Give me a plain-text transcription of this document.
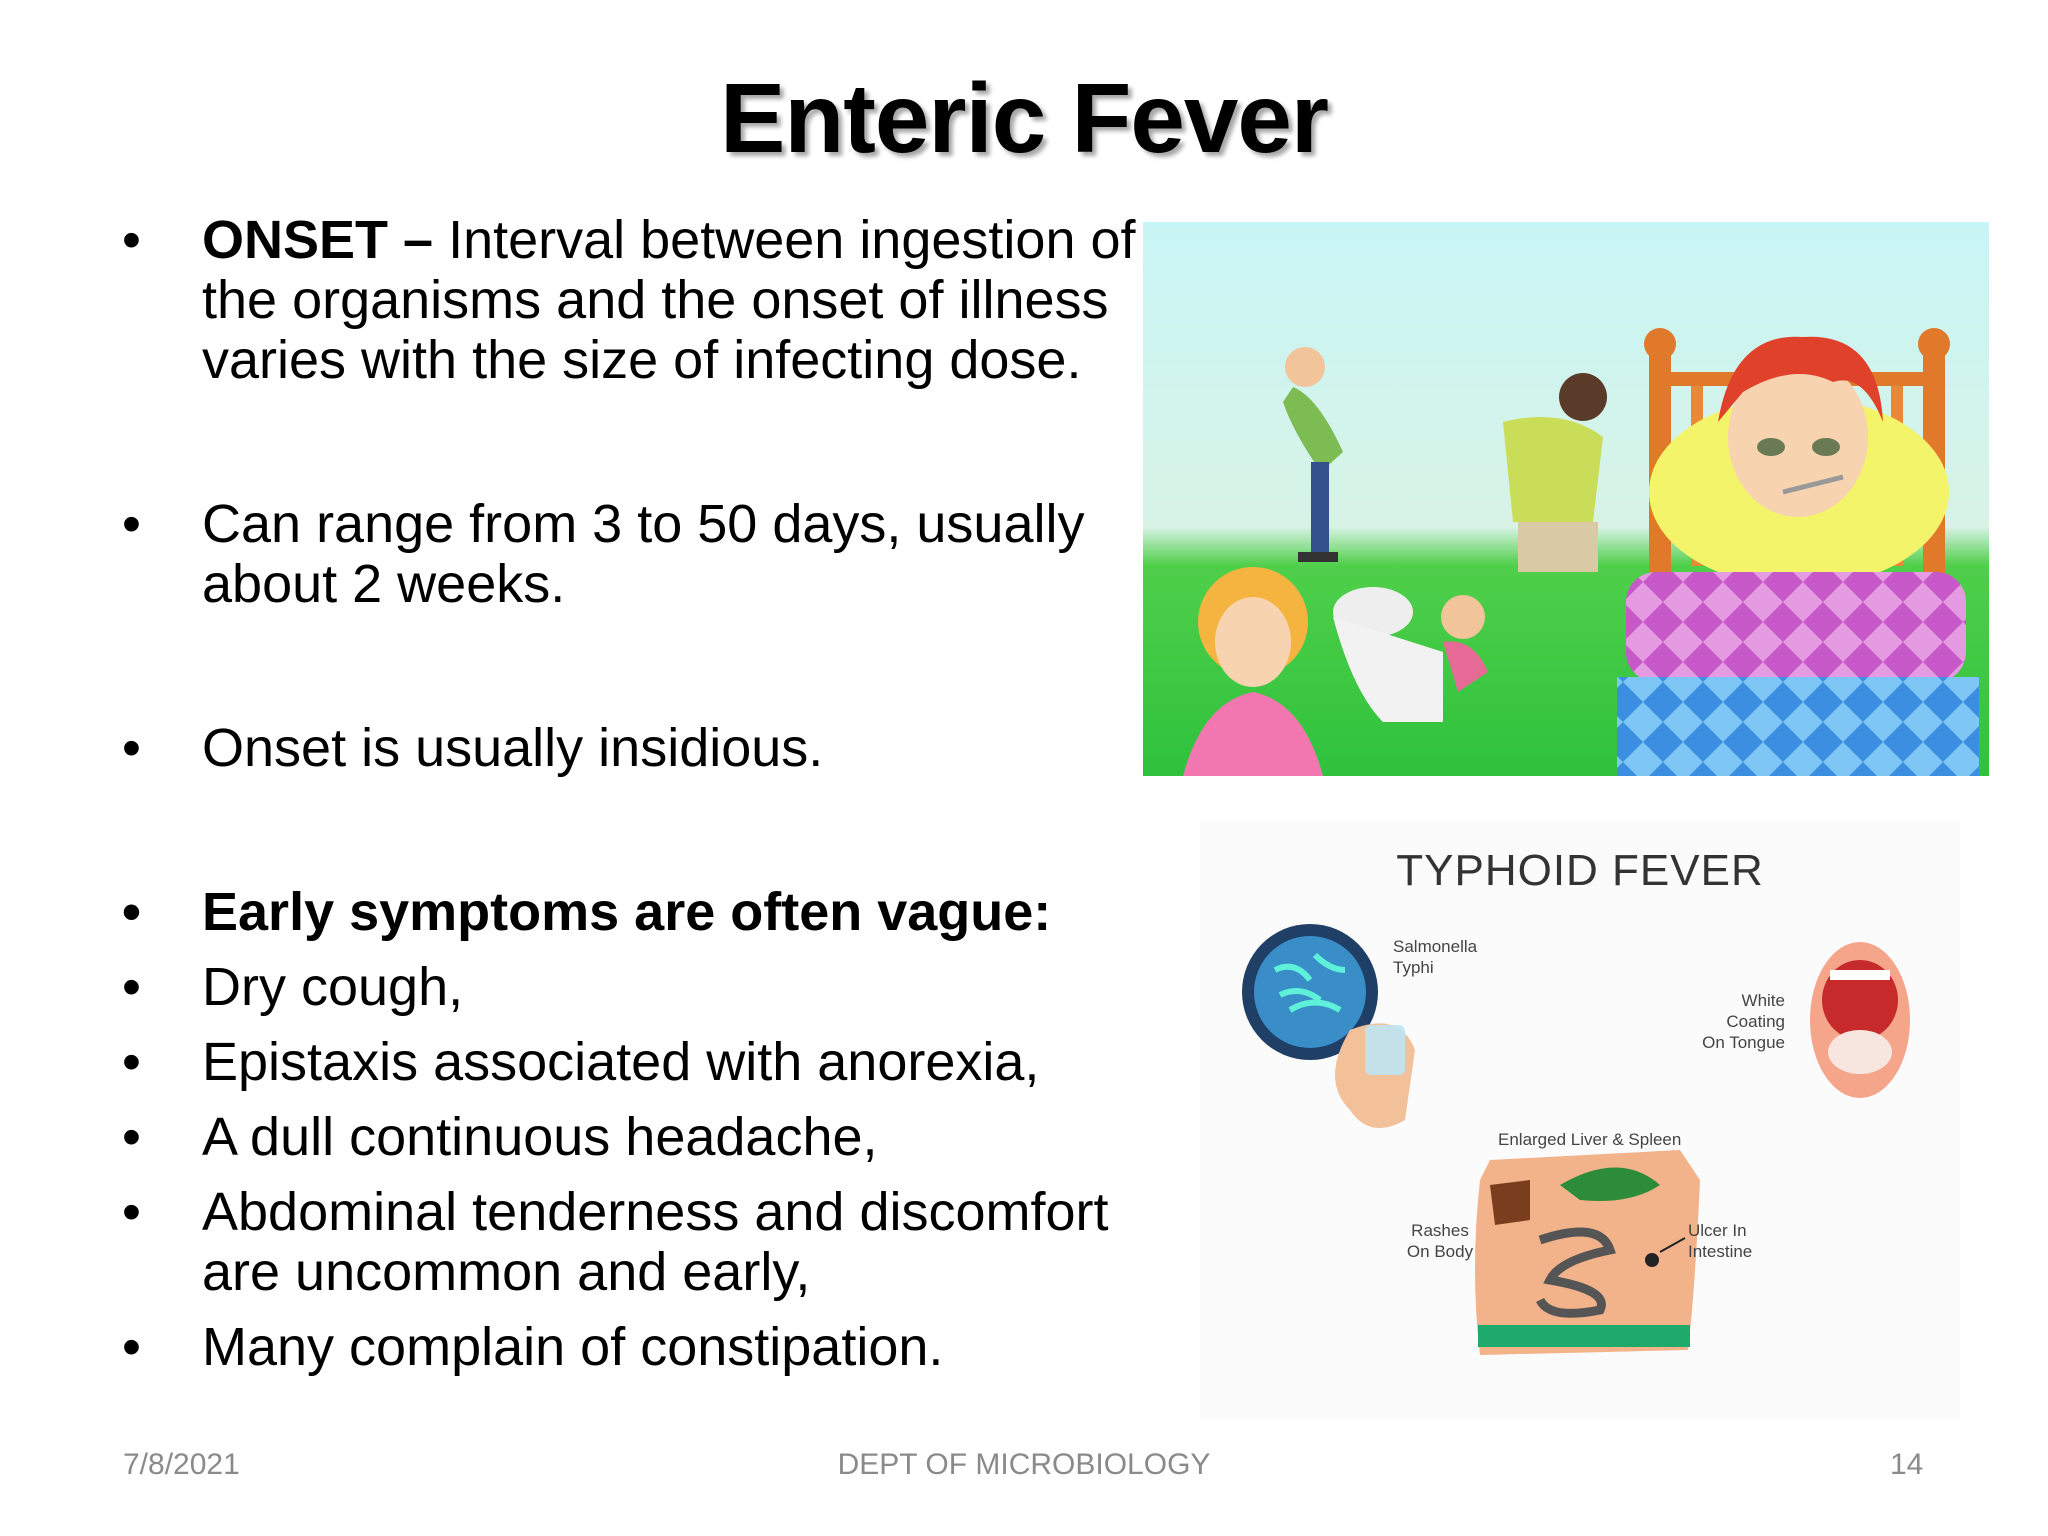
Enteric Fever
• ONSET – Interval between ingestion of the organisms and the onset of illness varies with the size of infecting dose.
• Can range from 3 to 50 days, usually about 2 weeks.
• Onset is usually insidious.
• Early symptoms are often vague:
• Dry cough,
• Epistaxis associated with anorexia,
• A dull continuous headache,
• Abdominal tenderness and discomfort are uncommon and early,
• Many complain of constipation.
TYPHOID FEVER
Salmonella
Typhi
White Coating
On Tongue
Enlarged Liver & Spleen
Rashes
On Body
Ulcer In
Intestine
7/8/2021	DEPT OF MICROBIOLOGY	14
